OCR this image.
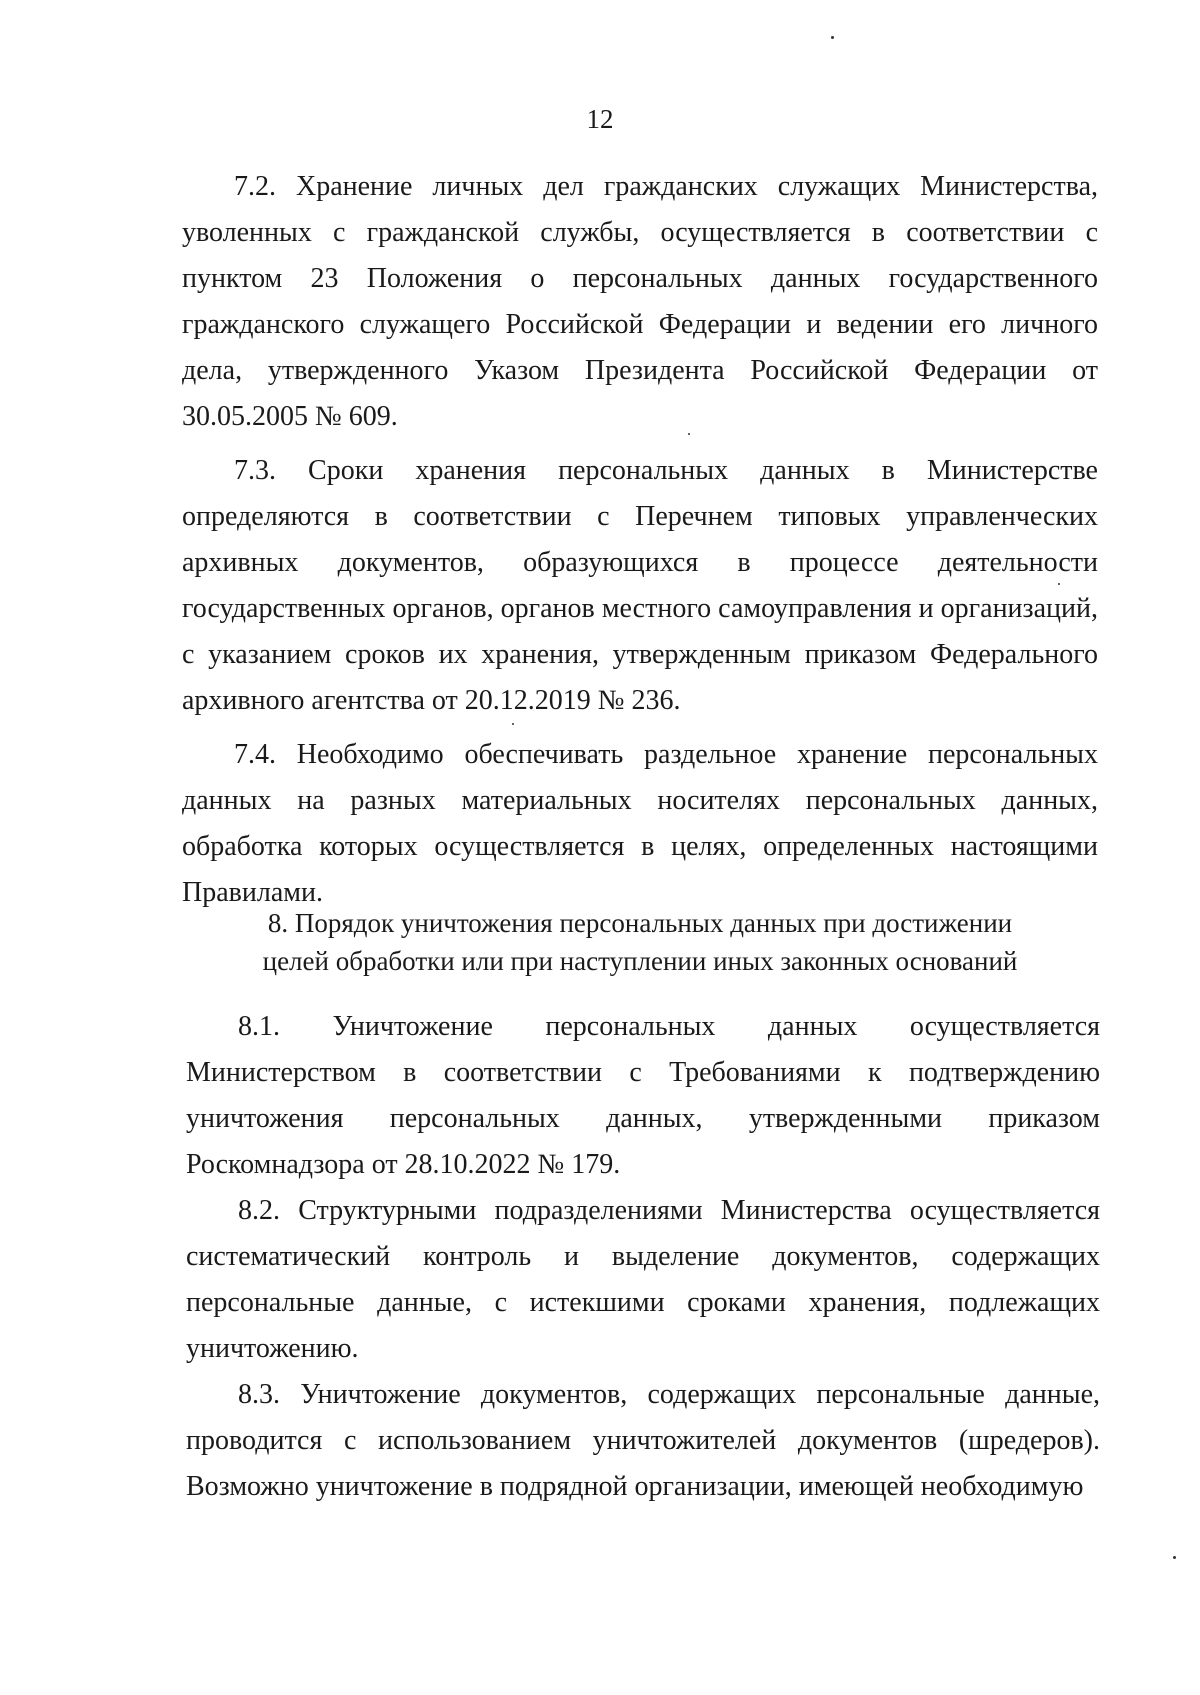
12

7.2. Хранение личных дел гражданских служащих Министерства, уволенных с гражданской службы, осуществляется в соответствии с пунктом 23 Положения о персональных данных государственного гражданского служащего Российской Федерации и ведении его личного дела, утвержденного Указом Президента Российской Федерации от 30.05.2005 № 609.

7.3. Сроки хранения персональных данных в Министерстве определяются в соответствии с Перечнем типовых управленческих архивных документов, образующихся в процессе деятельности государственных органов, органов местного самоуправления и организаций, с указанием сроков их хранения, утвержденным приказом Федерального архивного агентства от 20.12.2019 № 236.

7.4. Необходимо обеспечивать раздельное хранение персональных данных на разных материальных носителях персональных данных, обработка которых осуществляется в целях, определенных настоящими Правилами.

8. Порядок уничтожения персональных данных при достижении
целей обработки или при наступлении иных законных оснований

8.1. Уничтожение персональных данных осуществляется Министерством в соответствии с Требованиями к подтверждению уничтожения персональных данных, утвержденными приказом Роскомнадзора от 28.10.2022 № 179.

8.2. Структурными подразделениями Министерства осуществляется систематический контроль и выделение документов, содержащих персональные данные, с истекшими сроками хранения, подлежащих уничтожению.

8.3. Уничтожение документов, содержащих персональные данные, проводится с использованием уничтожителей документов (шредеров). Возможно уничтожение в подрядной организации, имеющей необходимую
